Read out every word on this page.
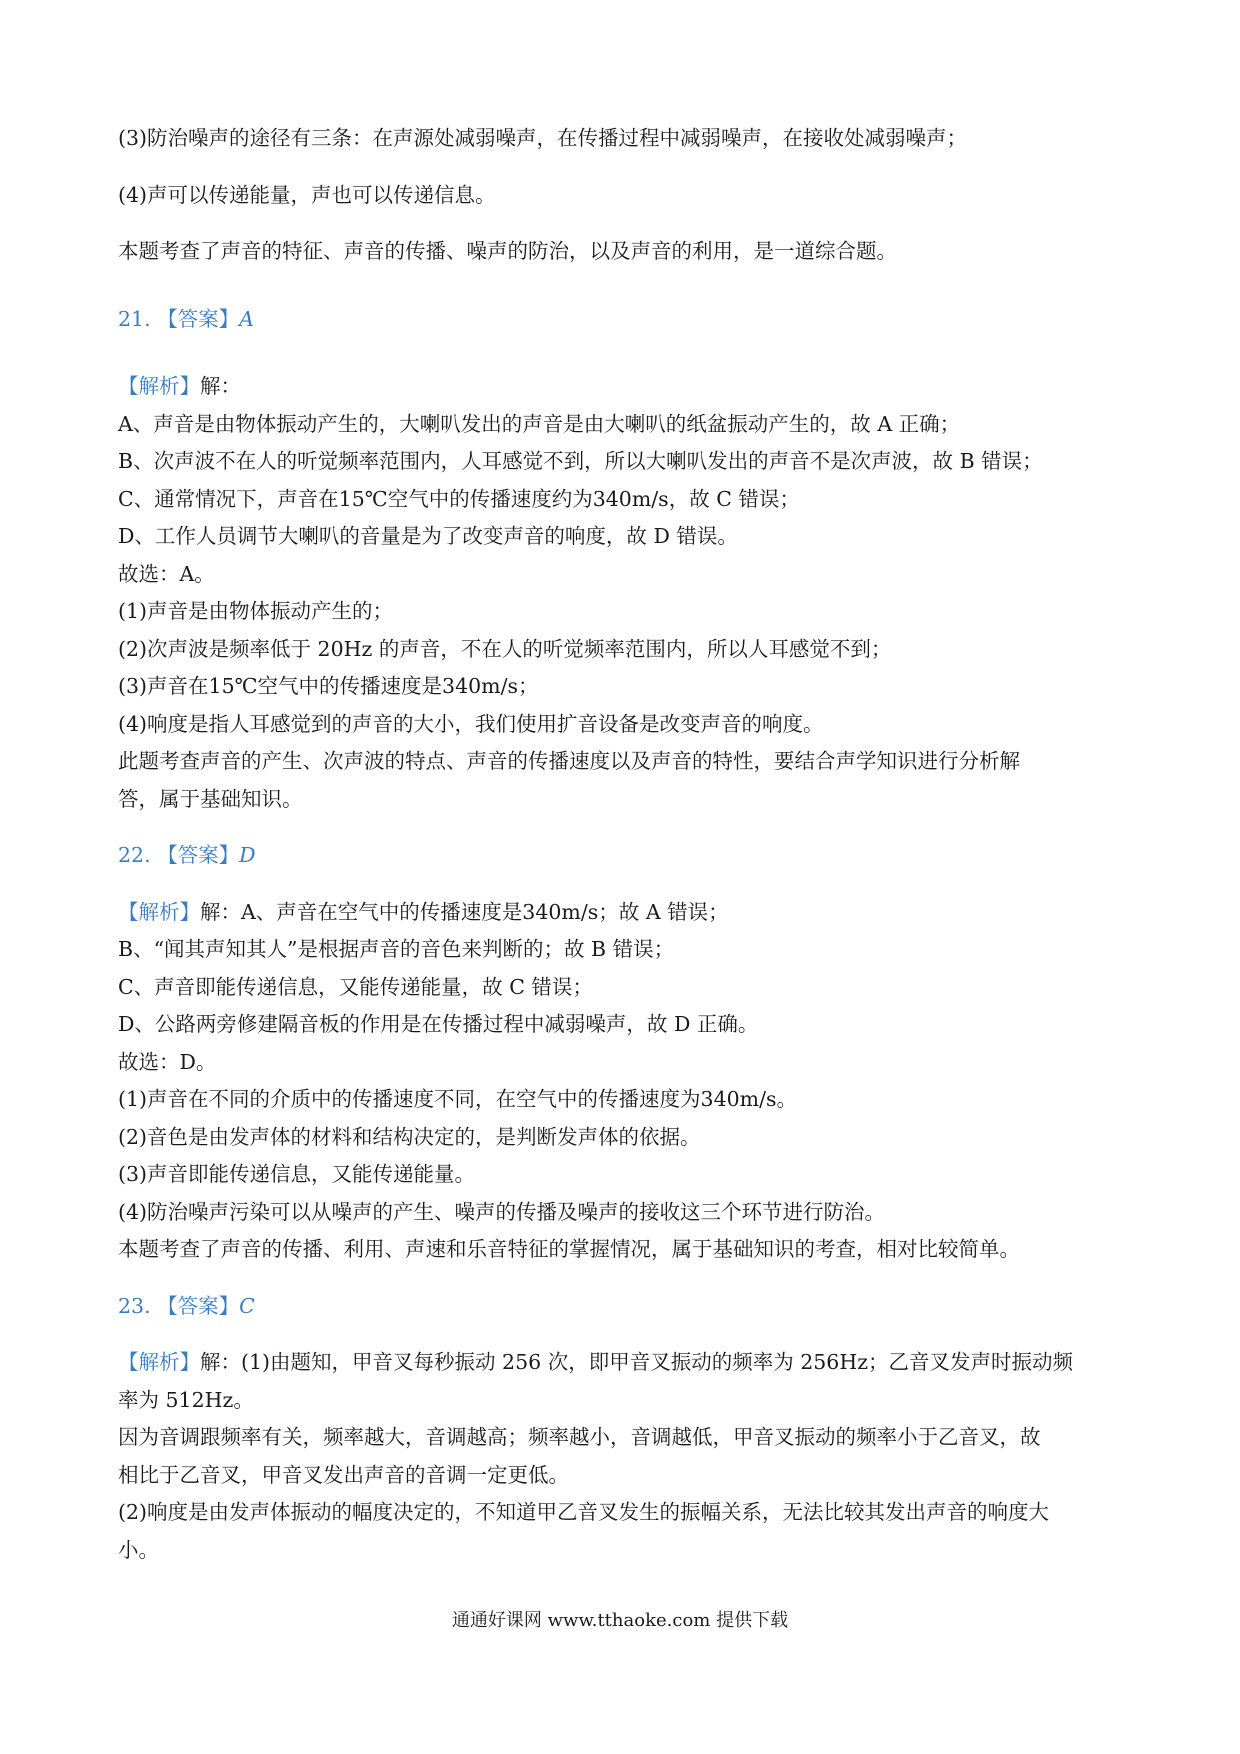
(3)防治噪声的途径有三条：在声源处减弱噪声，在传播过程中减弱噪声，在接收处减弱噪声；
(4)声可以传递能量，声也可以传递信息。
本题考查了声音的特征、声音的传播、噪声的防治，以及声音的利用，是一道综合题。
21. 【答案】A
【解析】解：
A、声音是由物体振动产生的，大喇叭发出的声音是由大喇叭的纸盆振动产生的，故 A 正确；
B、次声波不在人的听觉频率范围内，人耳感觉不到，所以大喇叭发出的声音不是次声波，故 B 错误；
C、通常情况下，声音在15℃空气中的传播速度约为340m/s，故 C 错误；
D、工作人员调节大喇叭的音量是为了改变声音的响度，故 D 错误。
故选：A。
(1)声音是由物体振动产生的；
(2)次声波是频率低于 20Hz 的声音，不在人的听觉频率范围内，所以人耳感觉不到；
(3)声音在15℃空气中的传播速度是340m/s；
(4)响度是指人耳感觉到的声音的大小，我们使用扩音设备是改变声音的响度。
此题考查声音的产生、次声波的特点、声音的传播速度以及声音的特性，要结合声学知识进行分析解
答，属于基础知识。
22. 【答案】D
【解析】解：A、声音在空气中的传播速度是340m/s；故 A 错误；
B、“闻其声知其人”是根据声音的音色来判断的；故 B 错误；
C、声音即能传递信息，又能传递能量，故 C 错误；
D、公路两旁修建隔音板的作用是在传播过程中减弱噪声，故 D 正确。
故选：D。
(1)声音在不同的介质中的传播速度不同，在空气中的传播速度为340m/s。
(2)音色是由发声体的材料和结构决定的，是判断发声体的依据。
(3)声音即能传递信息，又能传递能量。
(4)防治噪声污染可以从噪声的产生、噪声的传播及噪声的接收这三个环节进行防治。
本题考查了声音的传播、利用、声速和乐音特征的掌握情况，属于基础知识的考查，相对比较简单。
23. 【答案】C
【解析】解：(1)由题知，甲音叉每秒振动 256 次，即甲音叉振动的频率为 256Hz；乙音叉发声时振动频
率为 512Hz。
因为音调跟频率有关，频率越大，音调越高；频率越小，音调越低，甲音叉振动的频率小于乙音叉，故
相比于乙音叉，甲音叉发出声音的音调一定更低。
(2)响度是由发声体振动的幅度决定的，不知道甲乙音叉发生的振幅关系，无法比较其发出声音的响度大
小。
通通好课网 www.tthaoke.com 提供下载
